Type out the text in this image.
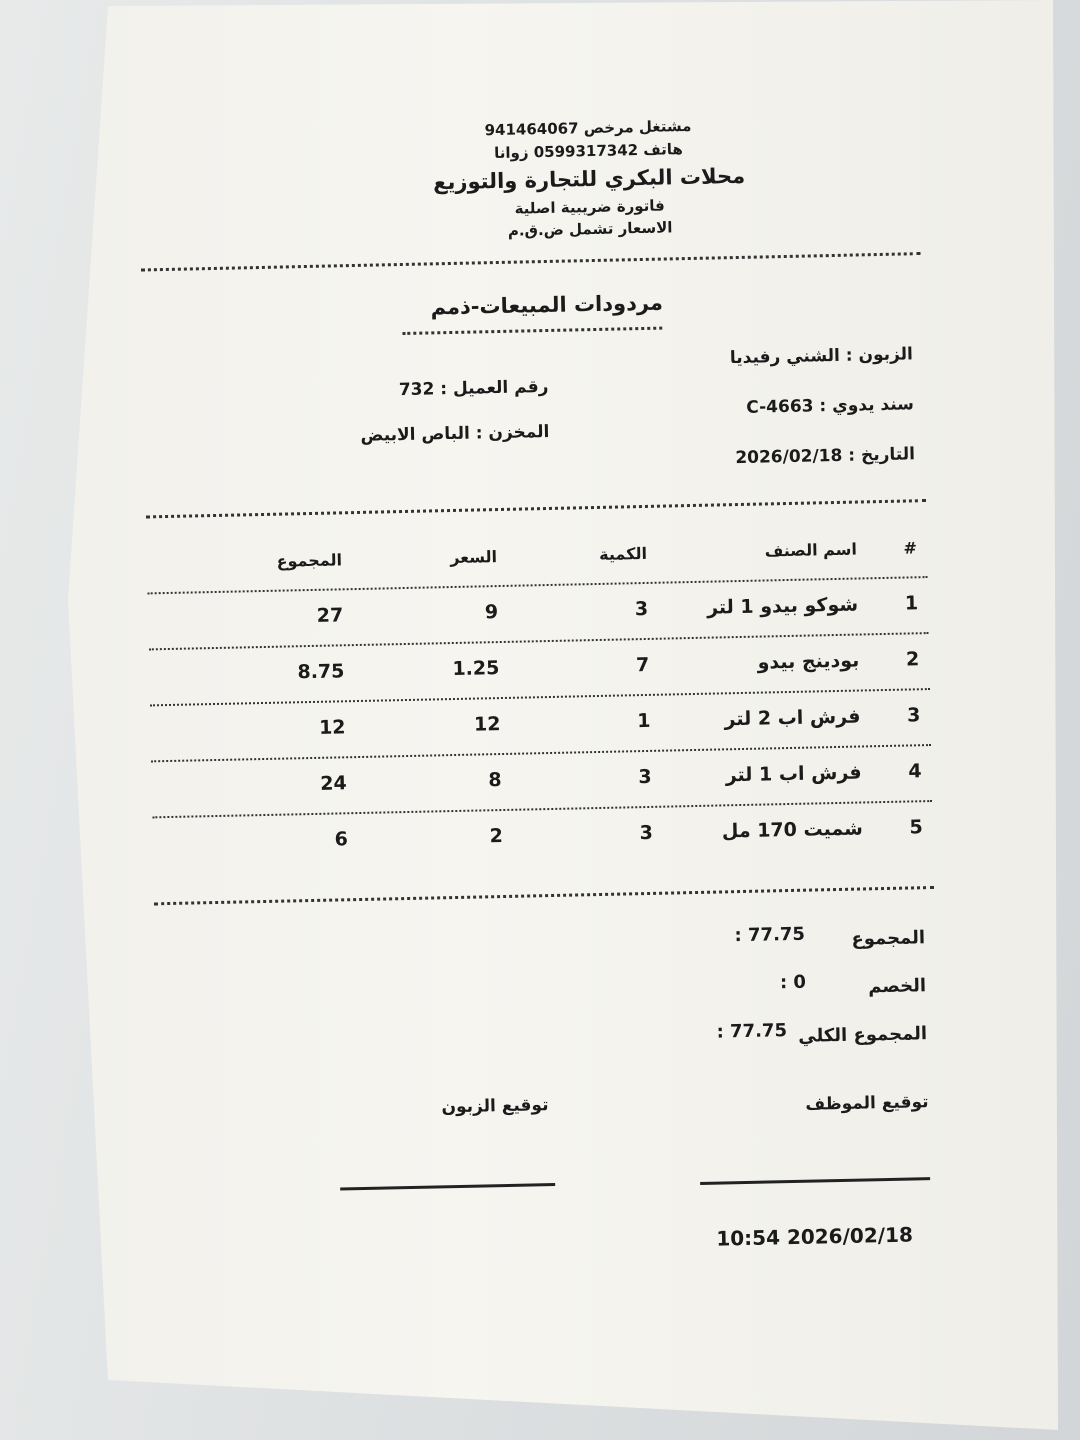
مشتغل مرخص 941464067
هاتف 0599317342 زوانا
محلات البكري للتجارة والتوزيع
فاتورة ضريبية اصلية
الاسعار تشمل ض.ق.م
مردودات المبيعات-ذمم
الزبون : الشني رفيديا
سند يدوي : C-4663
التاريخ : 2026/02/18
رقم العميل : 732
المخزن : الباص الابيض
#
اسم الصنف
الكمية
السعر
المجموع
1
شوكو بيدو 1 لتر
3
9
27
2
بودينج بيدو
7
1.25
8.75
3
فرش اب 2 لتر
1
12
12
4
فرش اب 1 لتر
3
8
24
5
شميت 170 مل
3
2
6
المجموع
: 77.75
الخصم
: 0
المجموع الكلي
: 77.75
توقيع الموظف
توقيع الزبون
10:54 2026/02/18
